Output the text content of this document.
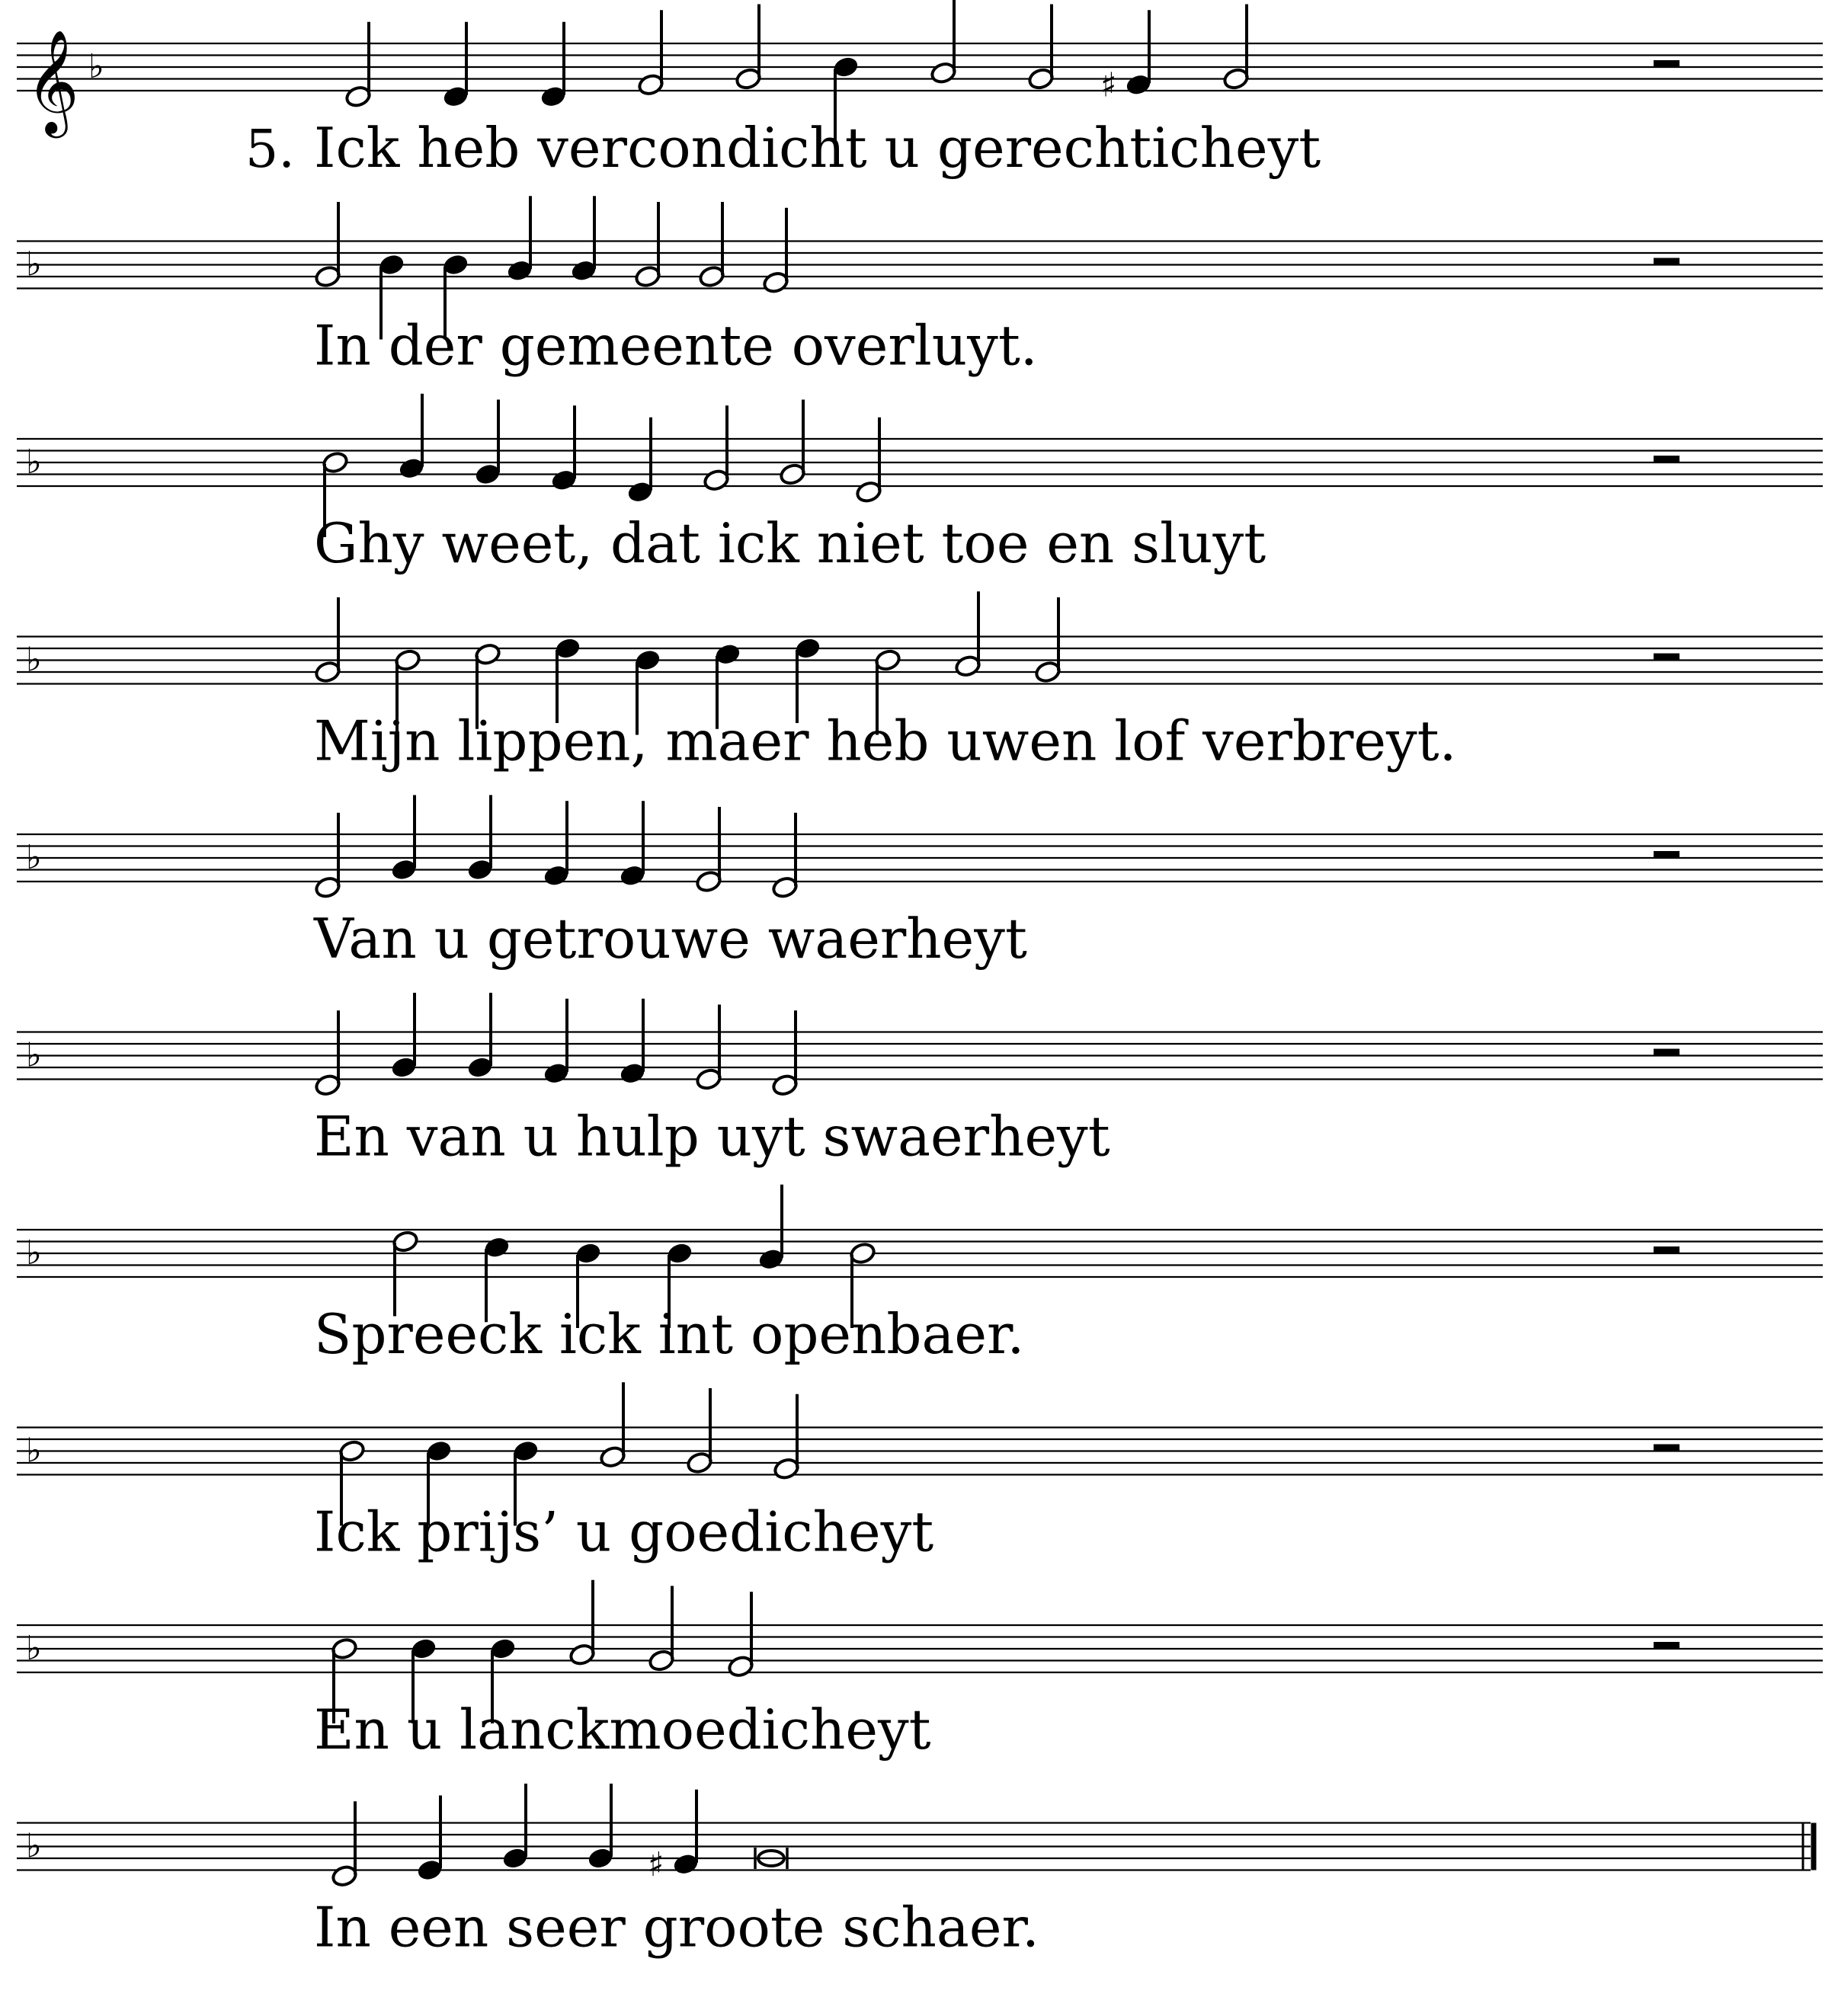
𝄞 ♭	♯
5. Ick heb vercondicht u gerechticheyt
♭
In der gemeente overluyt.
♭
Ghy weet, dat ick niet toe en sluyt
♭
Mijn lippen, maer heb uwen lof verbreyt.
♭
Van u getrouwe waerheyt
♭
En van u hulp uyt swaerheyt
♭
Spreeck ick int openbaer.
♭
Ick prijs’ u goedicheyt
♭
En u lanckmoedicheyt
♭	♯
In een seer groote schaer.
